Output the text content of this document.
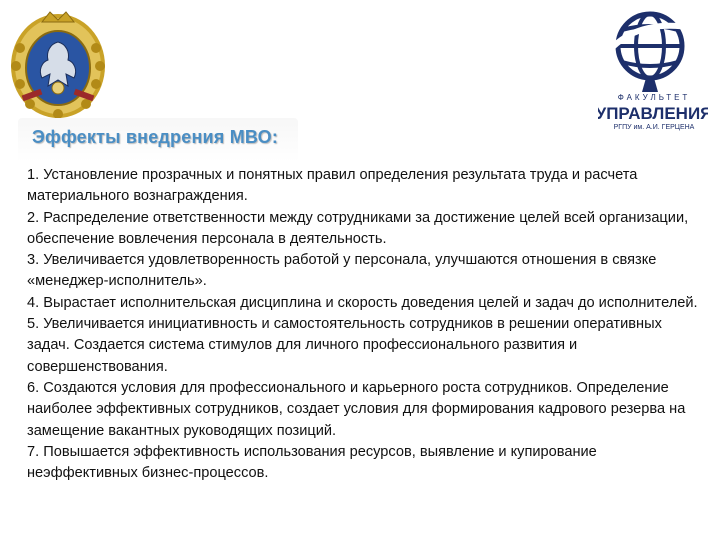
ФАКУЛЬТЕТ
УПРАВЛЕНИЯ
РГПУ им. А.И. ГЕРЦЕНА
Эффекты внедрения МВО:

1. Установление прозрачных и понятных правил определения результата труда и расчета материального вознаграждения.

2. Распределение ответственности между сотрудниками за достижение целей всей организации, обеспечение вовлечения персонала в деятельность.

3. Увеличивается удовлетворенность работой у персонала, улучшаются отношения в связке «менеджер-исполнитель».

4. Вырастает исполнительская дисциплина и скорость доведения целей и задач до исполнителей.

5. Увеличивается инициативность и самостоятельность сотрудников в решении оперативных задач. Создается система стимулов для личного профессионального развития и совершенствования.

6. Создаются условия для профессионального и карьерного роста сотрудников. Определение наиболее эффективных сотрудников, создает условия для формирования кадрового резерва на замещение вакантных руководящих позиций.

7. Повышается эффективность использования ресурсов, выявление и купирование неэффективных бизнес-процессов.
